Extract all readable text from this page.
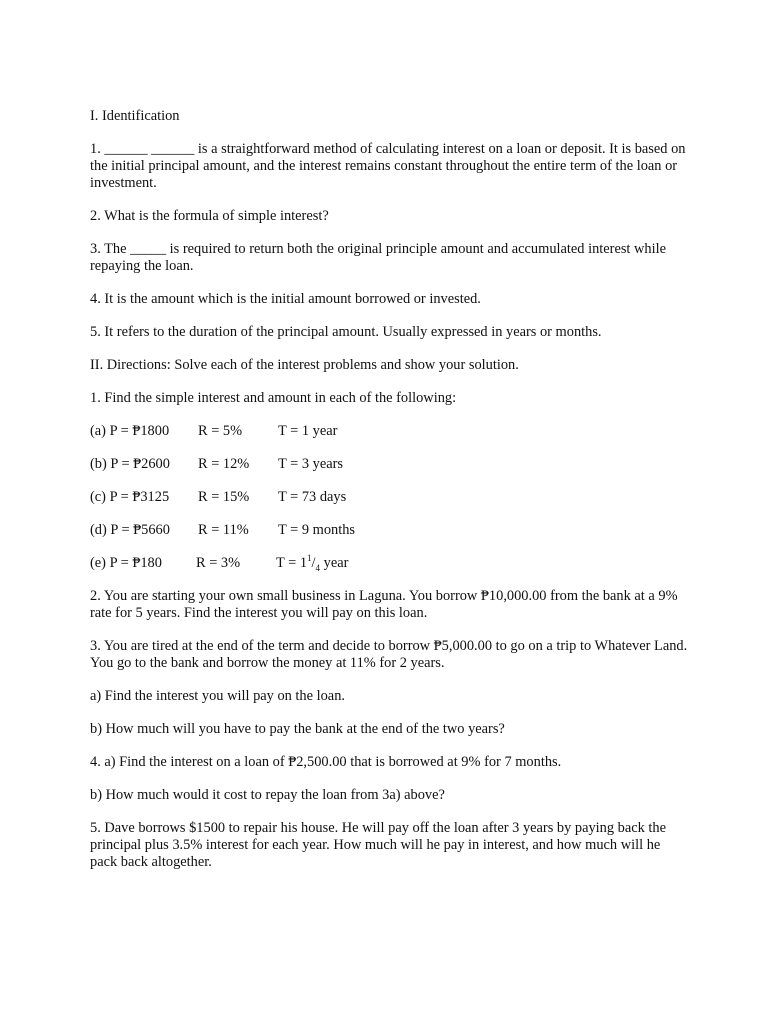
I. Identification

1. ______ ______ is a straightforward method of calculating interest on a loan or deposit. It is based on the initial principal amount, and the interest remains constant throughout the entire term of the loan or investment.

2. What is the formula of simple interest?

3. The _____ is required to return both the original principle amount and accumulated interest while repaying the loan.

4. It is the amount which is the initial amount borrowed or invested.

5. It refers to the duration of the principal amount. Usually expressed in years or months.

II. Directions: Solve each of the interest problems and show your solution.

1. Find the simple interest and amount in each of the following:

(a) P = ₱1800	R = 5%	T = 1 year
(b) P = ₱2600	R = 12%	T = 3 years
(c) P = ₱3125	R = 15%	T = 73 days
(d) P = ₱5660	R = 11%	T = 9 months
(e) P = ₱180	R = 3%	$T = 1^1/_4$ year

2. You are starting your own small business in Laguna. You borrow ₱10,000.00 from the bank at a 9% rate for 5 years. Find the interest you will pay on this loan.

3. You are tired at the end of the term and decide to borrow ₱5,000.00 to go on a trip to Whatever Land. You go to the bank and borrow the money at 11% for 2 years.

a) Find the interest you will pay on the loan.

b) How much will you have to pay the bank at the end of the two years?

4. a) Find the interest on a loan of ₱2,500.00 that is borrowed at 9% for 7 months.

b) How much would it cost to repay the loan from 3a) above?

5. Dave borrows $1500 to repair his house. He will pay off the loan after 3 years by paying back the principal plus 3.5% interest for each year. How much will he pay in interest, and how much will he pack back altogether.
